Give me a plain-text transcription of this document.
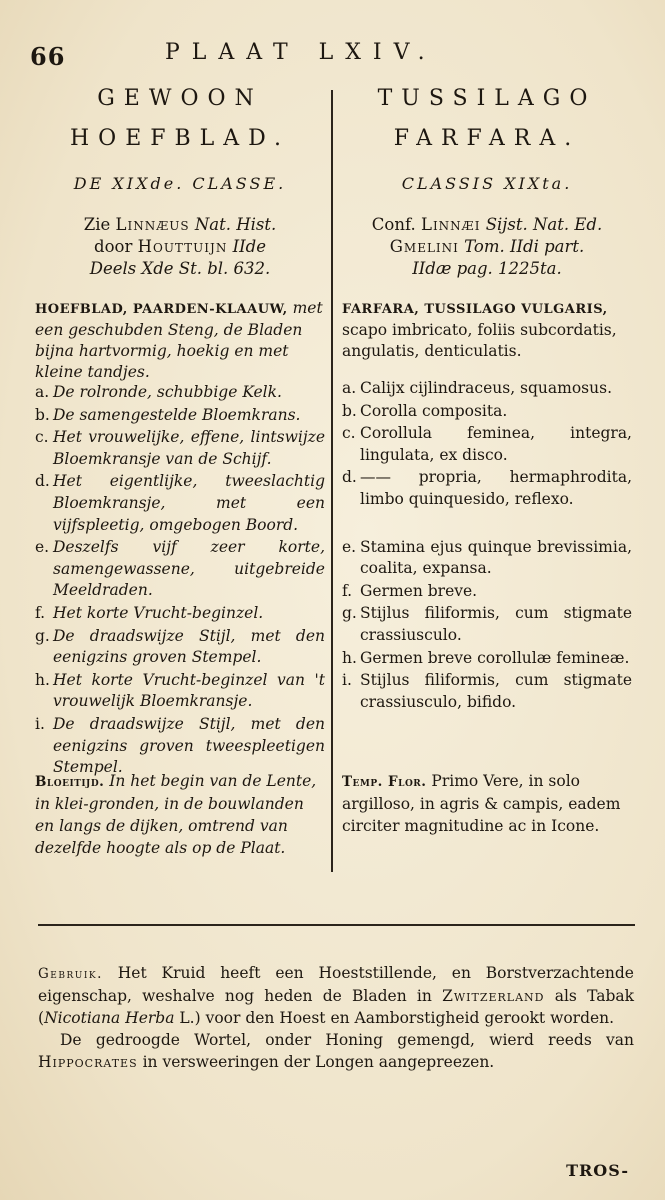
66	PLAAT LXIV.
GEWOON
HOEFBLAD.
DE XIXde. CLASSE.
Zie Linnæus Nat. Hist.
door Houttuijn IIde
Deels Xde St. bl. 632.
HOEFBLAD, PAARDEN-KLAAUW, met een geschubden Steng, de Bladen bijna hartvormig, hoekig en met kleine tandjes.
a. De rolronde, schubbige Kelk.
b. De samengestelde Bloemkrans.
c. Het vrouwelijke, effene, lintswijze Bloemkransje van de Schijf.
d. Het eigentlijke, tweeslachtig Bloemkransje, met een vijfspleetig, omgebogen Boord.
e. Deszelfs vijf zeer korte, samengewassene, uitgebreide Meeldraden.
f. Het korte Vrucht-beginzel.
g. De draadswijze Stijl, met den eenigzins groven Stempel.
h. Het korte Vrucht-beginzel van 't vrouwelijk Bloemkransje.
i. De draadswijze Stijl, met den eenigzins groven tweespleetigen Stempel.
Bloeitijd. In het begin van de Lente, in klei-gronden, in de bouwlanden en langs de dijken, omtrend van dezelfde hoogte als op de Plaat.
TUSSILAGO
FARFARA.
CLASSIS XIXta.
Conf. Linnæi Sijst. Nat. Ed.
Gmelini Tom. IIdi part.
IIdæ pag. 1225ta.
FARFARA, TUSSILAGO VULGARIS, scapo imbricato, foliis subcordatis, angulatis, denticulatis.
a. Calijx cijlindraceus, squamosus.
b. Corolla composita.
c. Corollula feminea, integra, lingulata, ex disco.
d. —— propria, hermaphrodita, limbo quinquesido, reflexo.
e. Stamina ejus quinque brevissimia, coalita, expansa.
f. Germen breve.
g. Stijlus filiformis, cum stigmate crassiusculo.
h. Germen breve corollulæ femineæ.
i. Stijlus filiformis, cum stigmate crassiusculo, bifido.
Temp. Flor. Primo Vere, in solo argilloso, in agris & campis, eadem circiter magnitudine ac in Icone.

Gebruik. Het Kruid heeft een Hoeststillende, en Borstverzachtende eigenschap, weshalve nog heden de Bladen in Zwitzerland als Tabak (Nicotiana Herba L.) voor den Hoest en Aamborstigheid gerookt worden.

De gedroogde Wortel, onder Honing gemengd, wierd reeds van Hippocrates in versweeringen der Longen aangepreezen.

TROS-
